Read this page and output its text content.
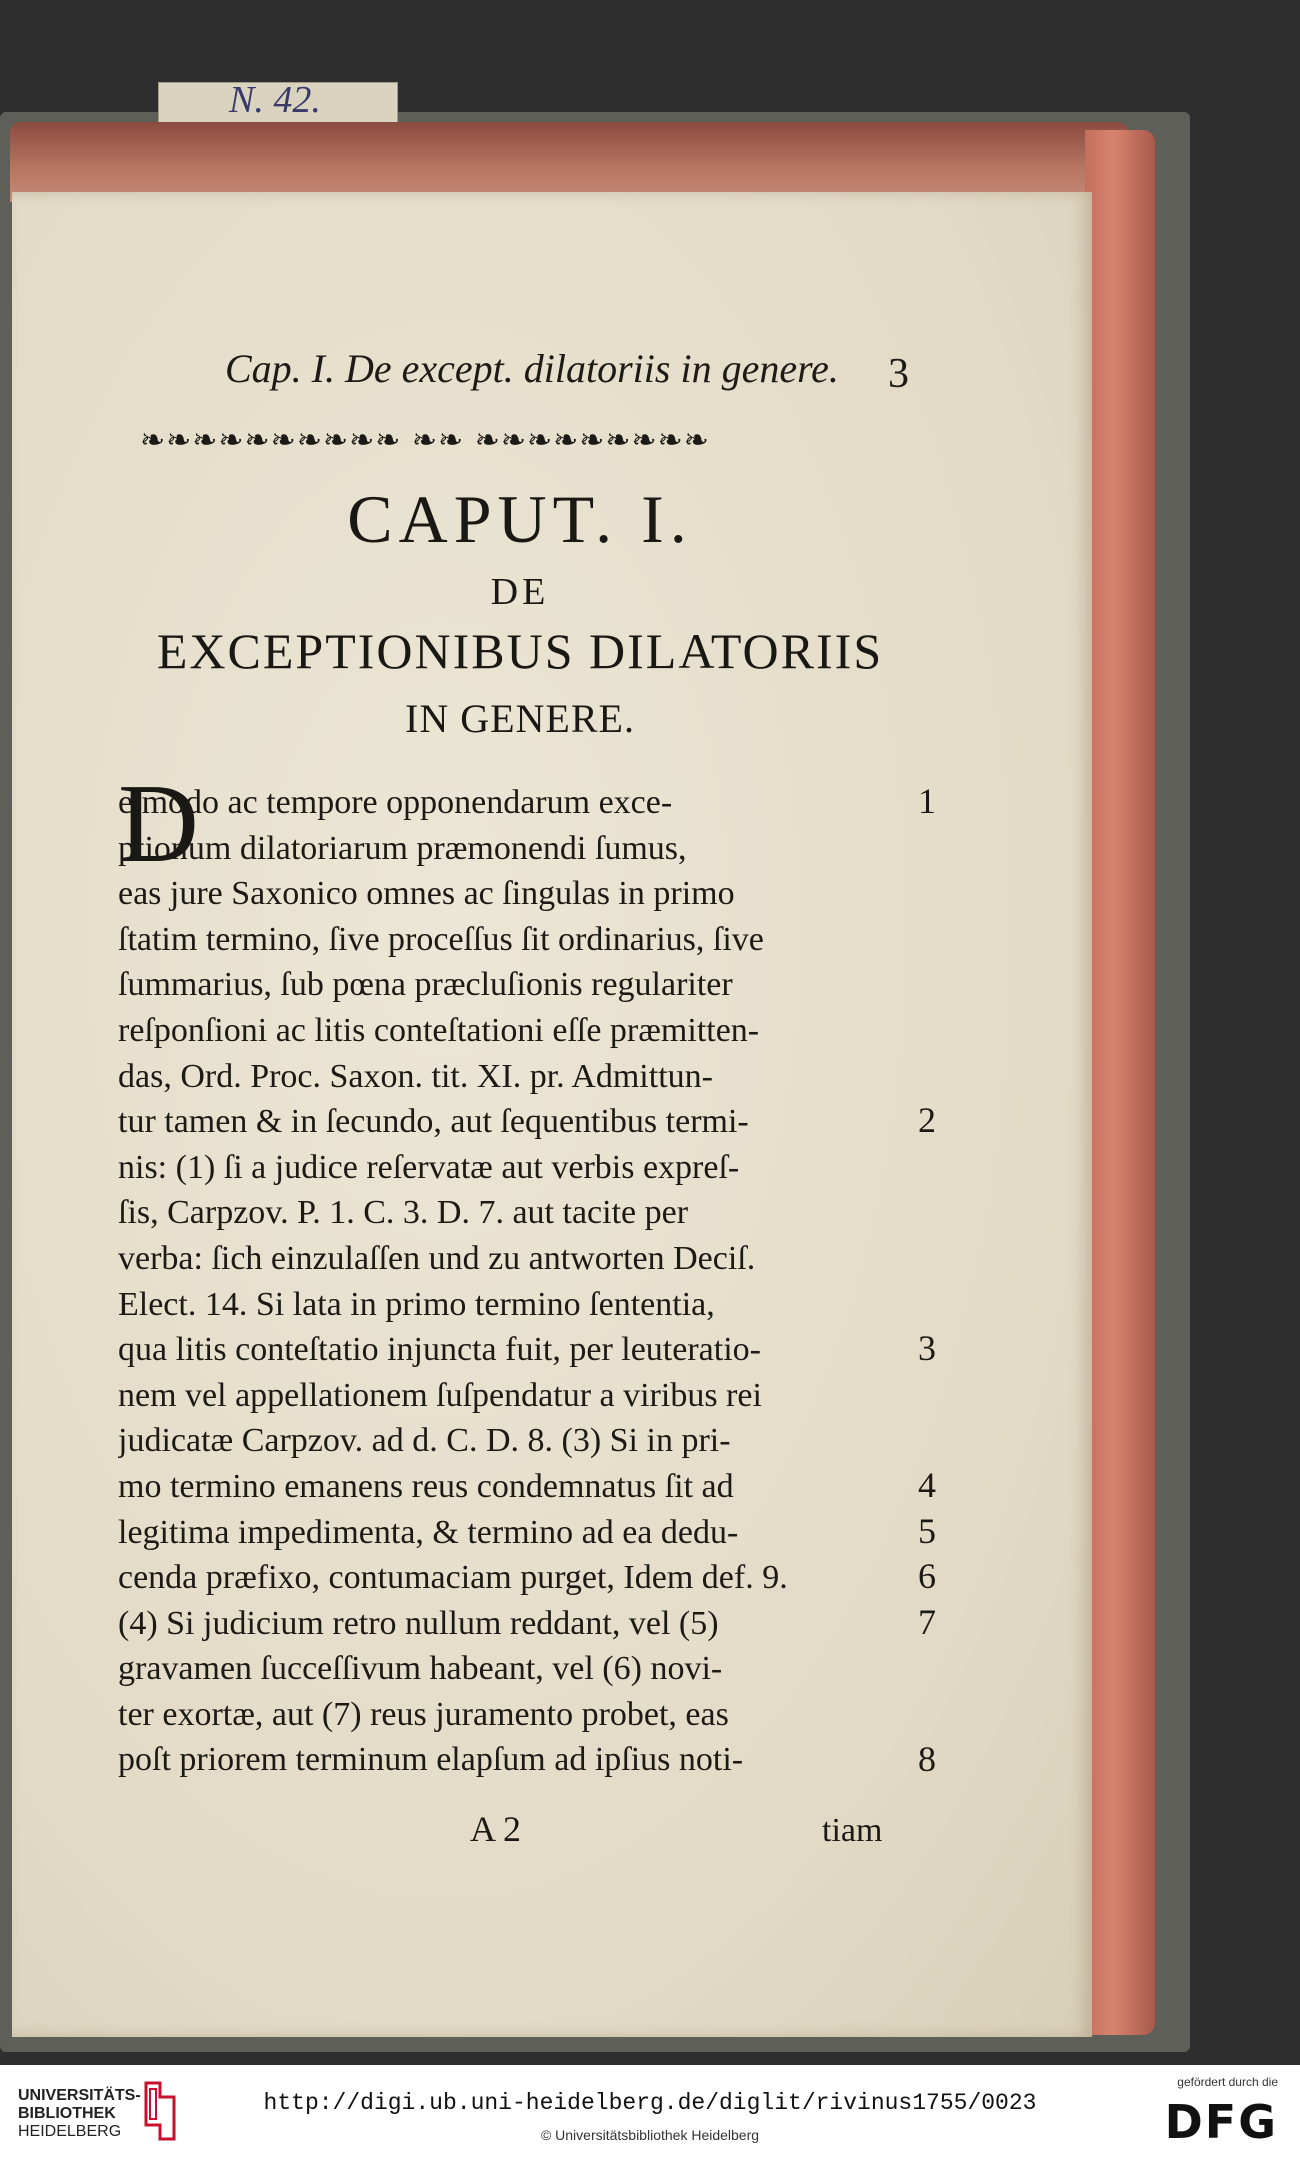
N. 42.
Cap. I. De except. dilatoriis in genere.	3
❧❧❧❧❧❧❧❧❧❧ ❧❧ ❧❧❧❧❧❧❧❧❧
CAPUT. I.
DE
EXCEPTIONIBUS DILATORIIS
IN GENERE.
D
e modo ac tempore opponendarum exce-
ptionum dilatoriarum præmonendi ſumus,
eas jure Saxonico omnes ac ſingulas in primo
ſtatim termino, ſive proceſſus ſit ordinarius, ſive
ſummarius, ſub pœna præcluſionis regulariter
reſponſioni ac litis conteſtationi eſſe præmitten-
das, Ord. Proc. Saxon. tit. XI. pr. Admittun-
tur tamen & in ſecundo, aut ſequentibus termi-
nis: (1) ſi a judice reſervatæ aut verbis expreſ-
ſis, Carpzov. P. 1. C. 3. D. 7. aut tacite per
verba: ſich einzulaſſen und zu antworten Deciſ.
Elect. 14. Si lata in primo termino ſententia,
qua litis conteſtatio injuncta fuit, per leuteratio-
nem vel appellationem ſuſpendatur a viribus rei
judicatæ Carpzov. ad d. C. D. 8. (3) Si in pri-
mo termino emanens reus condemnatus ſit ad
legitima impedimenta, & termino ad ea dedu-
cenda præfixo, contumaciam purget, Idem def. 9.
(4) Si judicium retro nullum reddant, vel (5)
gravamen ſucceſſivum habeant, vel (6) novi-
ter exortæ, aut (7) reus juramento probet, eas
poſt priorem terminum elapſum ad ipſius noti-
1
2
3
4
5
6
7
8
A 2	tiam
UNIVERSITÄTS-
BIBLIOTHEK
HEIDELBERG
http://digi.ub.uni-heidelberg.de/diglit/rivinus1755/0023
© Universitätsbibliothek Heidelberg
gefördert durch die
DFG
